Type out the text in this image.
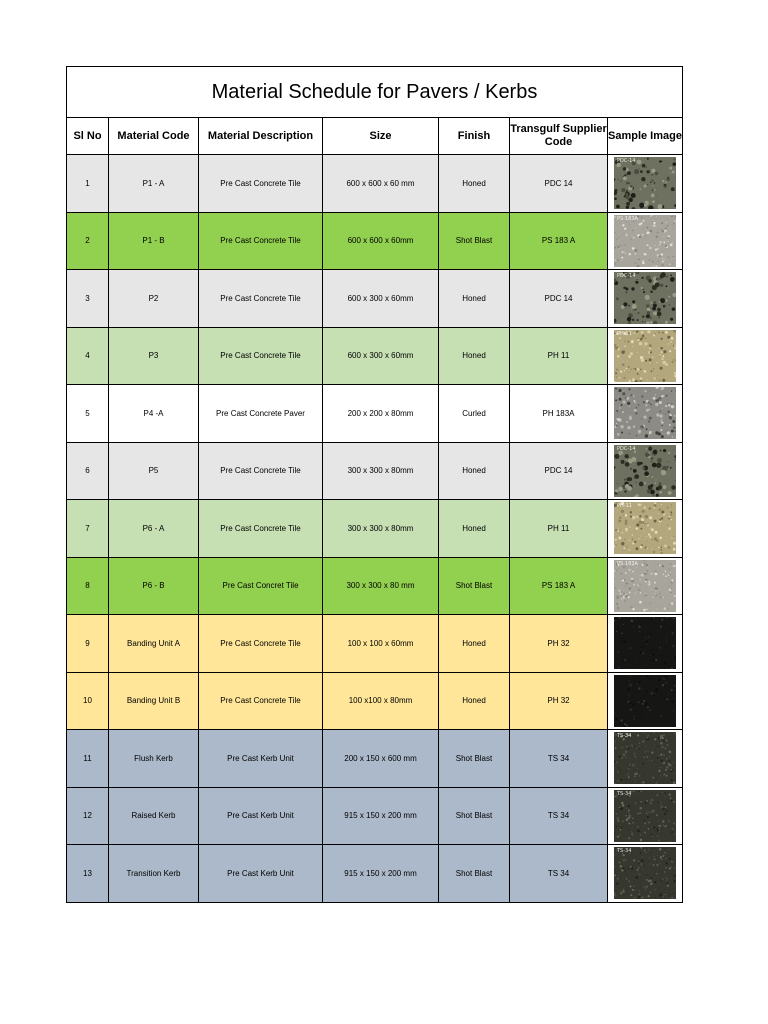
Material Schedule for Pavers / Kerbs						
Sl No	Material Code	Material Description	Size	Finish	Transgulf Supplier Code	Sample Image
1	P1 - A	Pre Cast Concrete Tile	600 x 600 x 60 mm	Honed	PDC 14	PDC-14

2	P1 - B	Pre Cast Concrete Tile	600 x 600 x 60mm	Shot Blast	PS 183 A	PS-183A

3	P2	Pre Cast Concrete Tile	600 x 300 x 60mm	Honed	PDC 14	PDC-14

4	P3	Pre Cast Concrete Tile	600 x 300 x 60mm	Honed	PH 11	PH-11

5	P4 -A	Pre Cast Concrete Paver	200 x 200 x 80mm	Curled	PH 183A	

6	P5	Pre Cast Concrete Tile	300 x 300 x 80mm	Honed	PDC 14	PDC-14

7	P6 - A	Pre Cast Concrete Tile	300 x 300 x 80mm	Honed	PH 11	PH-11

8	P6 - B	Pre Cast Concret Tile	300 x 300 x 80 mm	Shot Blast	PS 183 A	PS-183A

9	Banding Unit A	Pre Cast Concrete Tile	100 x 100 x 60mm	Honed	PH 32	

10	Banding Unit B	Pre Cast Concrete Tile	100 x100 x 80mm	Honed	PH 32	

11	Flush Kerb	Pre Cast Kerb Unit	200 x 150 x 600 mm	Shot Blast	TS 34	TS-34

12	Raised Kerb	Pre Cast Kerb Unit	915 x 150 x 200 mm	Shot Blast	TS 34	TS-34

13	Transition Kerb	Pre Cast Kerb Unit	915 x 150 x 200 mm	Shot Blast	TS 34	TS-34
